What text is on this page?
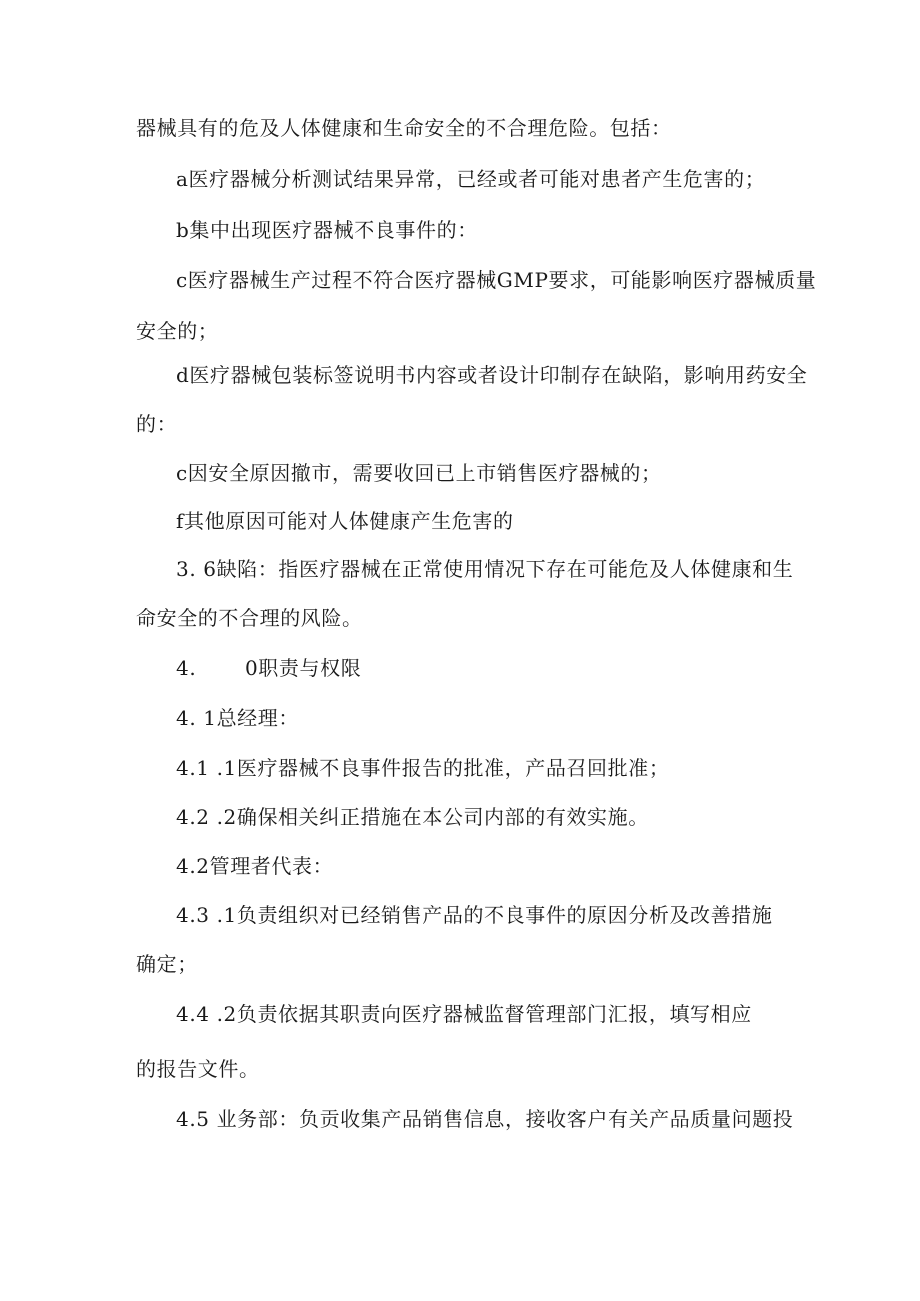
器械具有的危及人体健康和生命安全的不合理危险。包括：
a医疗器械分析测试结果异常，已经或者可能对患者产生危害的；
b集中出现医疗器械不良事件的：
c医疗器械生产过程不符合医疗器械GMP要求，可能影响医疗器械质量
安全的；
d医疗器械包装标签说明书内容或者设计印制存在缺陷，影响用药安全
的：
c因安全原因撤市，需要收回已上市销售医疗器械的；
f其他原因可能对人体健康产生危害的
3. 6缺陷：指医疗器械在正常使用情况下存在可能危及人体健康和生
命安全的不合理的风险。
4.       0职责与权限
4. 1总经理：
4.1 .1医疗器械不良事件报告的批准，产品召回批准；
4.2 .2确保相关纠正措施在本公司内部的有效实施。
4.2管理者代表：
4.3 .1负责组织对已经销售产品的不良事件的原因分析及改善措施
确定；
4.4 .2负责依据其职责向医疗器械监督管理部门汇报，填写相应
的报告文件。
4.5 业务部：负贡收集产品销售信息，接收客户有关产品质量问题投
